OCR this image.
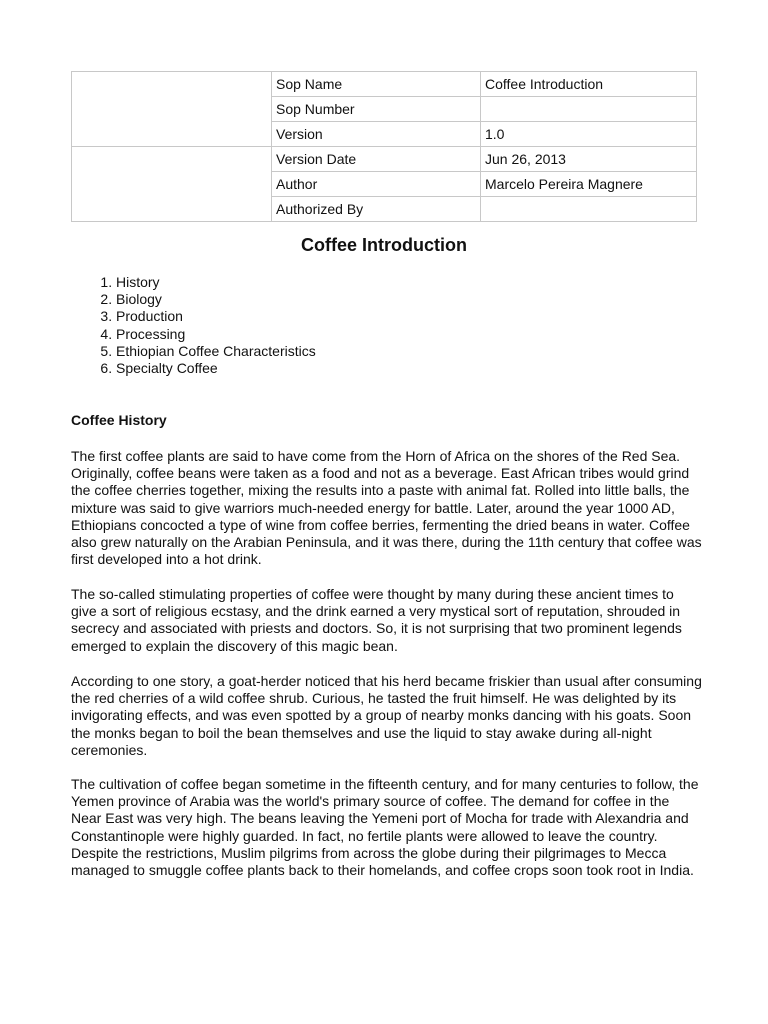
	Sop Name	Coffee Introduction
	Sop Number	
	Version	1.0
	Version Date	Jun 26, 2013
	Author	Marcelo Pereira Magnere
	Authorized By	
Coffee Introduction
1. History
2. Biology
3. Production
4. Processing
5. Ethiopian Coffee Characteristics
6. Specialty Coffee
Coffee History

The first coffee plants are said to have come from the Horn of Africa on the shores of the Red Sea. Originally, coffee beans were taken as a food and not as a beverage. East African tribes would grind the coffee cherries together, mixing the results into a paste with animal fat. Rolled into little balls, the mixture was said to give warriors much-needed energy for battle. Later, around the year 1000 AD, Ethiopians concocted a type of wine from coffee berries, fermenting the dried beans in water. Coffee also grew naturally on the Arabian Peninsula, and it was there, during the 11th century that coffee was first developed into a hot drink.

The so-called stimulating properties of coffee were thought by many during these ancient times to give a sort of religious ecstasy, and the drink earned a very mystical sort of reputation, shrouded in secrecy and associated with priests and doctors. So, it is not surprising that two prominent legends emerged to explain the discovery of this magic bean.

According to one story, a goat-herder noticed that his herd became friskier than usual after consuming the red cherries of a wild coffee shrub. Curious, he tasted the fruit himself. He was delighted by its invigorating effects, and was even spotted by a group of nearby monks dancing with his goats. Soon the monks began to boil the bean themselves and use the liquid to stay awake during all-night ceremonies.

The cultivation of coffee began sometime in the fifteenth century, and for many centuries to follow, the Yemen province of Arabia was the world's primary source of coffee. The demand for coffee in the Near East was very high. The beans leaving the Yemeni port of Mocha for trade with Alexandria and Constantinople were highly guarded. In fact, no fertile plants were allowed to leave the country. Despite the restrictions, Muslim pilgrims from across the globe during their pilgrimages to Mecca managed to smuggle coffee plants back to their homelands, and coffee crops soon took root in India.
